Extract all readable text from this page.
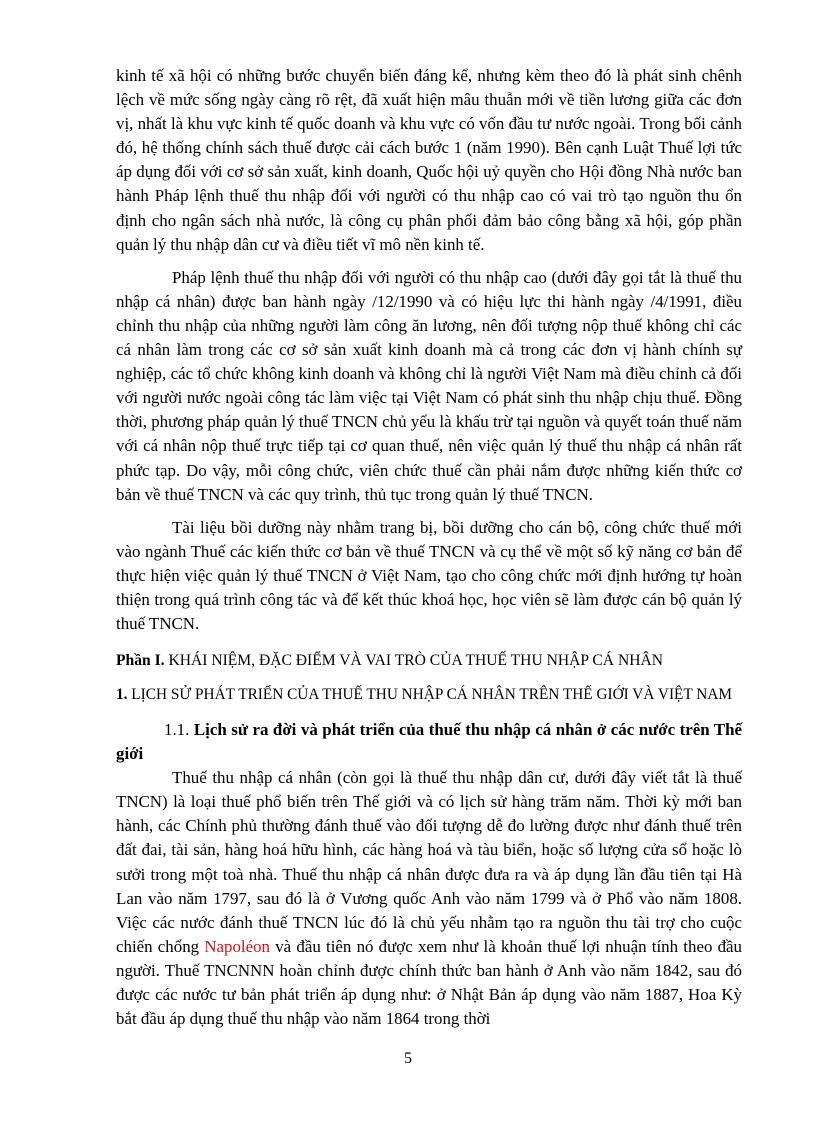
kinh tế xã hội có những bước chuyển biến đáng kể, nhưng kèm theo đó là phát sinh chênh lệch về mức sống ngày càng rõ rệt, đã xuất hiện mâu thuẫn mới về tiền lương giữa các đơn vị, nhất là khu vực kinh tế quốc doanh và khu vực có vốn đầu tư nước ngoài. Trong bối cảnh đó, hệ thống chính sách thuế được cải cách bước 1 (năm 1990). Bên cạnh Luật Thuế lợi tức áp dụng đối với cơ sở sản xuất, kinh doanh, Quốc hội uỷ quyền cho Hội đồng Nhà nước ban hành Pháp lệnh thuế thu nhập đối với người có thu nhập cao có vai trò tạo nguồn thu ổn định cho ngân sách nhà nước, là công cụ phân phối đảm bảo công bằng xã hội, góp phần quản lý thu nhập dân cư và điều tiết vĩ mô nền kinh tế.

Pháp lệnh thuế thu nhập đối với người có thu nhập cao (dưới đây gọi tắt là thuế thu nhập cá nhân) được ban hành ngày /12/1990 và có hiệu lực thi hành ngày /4/1991, điều chỉnh thu nhập của những người làm công ăn lương, nên đối tượng nộp thuế không chỉ các cá nhân làm trong các cơ sở sản xuất kinh doanh mà cả trong các đơn vị hành chính sự nghiệp, các tổ chức không kinh doanh và không chỉ là người Việt Nam mà điều chỉnh cả đối với người nước ngoài công tác làm việc tại Việt Nam có phát sinh thu nhập chịu thuế. Đồng thời, phương pháp quản lý thuế TNCN chủ yếu là khấu trừ tại nguồn và quyết toán thuế năm với cá nhân nộp thuế trực tiếp tại cơ quan thuế, nên việc quản lý thuế thu nhập cá nhân rất phức tạp. Do vậy, mỗi công chức, viên chức thuế cần phải nắm được những kiến thức cơ bản về thuế TNCN và các quy trình, thủ tục trong quản lý thuế TNCN.

Tài liệu bồi dưỡng này nhằm trang bị, bồi dưỡng cho cán bộ, công chức thuế mới vào ngành Thuế các kiến thức cơ bản về thuế TNCN và cụ thể về một số kỹ năng cơ bản để thực hiện việc quản lý thuế TNCN ở Việt Nam, tạo cho công chức mới định hướng tự hoàn thiện trong quá trình công tác và để kết thúc khoá học, học viên sẽ làm được cán bộ quản lý thuế TNCN.

Phần I. KHÁI NIỆM, ĐẶC ĐIỂM VÀ VAI TRÒ CỦA THUẾ THU NHẬP CÁ NHÂN

1. LỊCH SỬ PHÁT TRIỂN CỦA THUẾ THU NHẬP CÁ NHÂN TRÊN THẾ GIỚI VÀ VIỆT NAM

1.1. Lịch sử ra đời và phát triển của thuế thu nhập cá nhân ở các nước trên Thế giới

Thuế thu nhập cá nhân (còn gọi là thuế thu nhập dân cư, dưới đây viết tắt là thuế TNCN) là loại thuế phổ biến trên Thế giới và có lịch sử hàng trăm năm. Thời kỳ mới ban hành, các Chính phủ thường đánh thuế vào đối tượng dễ đo lường được như đánh thuế trên đất đai, tài sản, hàng hoá hữu hình, các hàng hoá và tàu biển, hoặc số lượng cửa sổ hoặc lò sưởi trong một toà nhà. Thuế thu nhập cá nhân được đưa ra và áp dụng lần đầu tiên tại Hà Lan vào năm 1797, sau đó là ở Vương quốc Anh vào năm 1799 và ở Phổ vào năm 1808. Việc các nước đánh thuế TNCN lúc đó là chủ yếu nhằm tạo ra nguồn thu tài trợ cho cuộc chiến chống Napoléon và đầu tiên nó được xem như là khoản thuế lợi nhuận tính theo đầu người. Thuế TNCNNN hoàn chỉnh được chính thức ban hành ở Anh vào năm 1842, sau đó được các nước tư bản phát triển áp dụng như: ở Nhật Bản áp dụng vào năm 1887, Hoa Kỳ bắt đầu áp dụng thuế thu nhập vào năm 1864 trong thời

5
